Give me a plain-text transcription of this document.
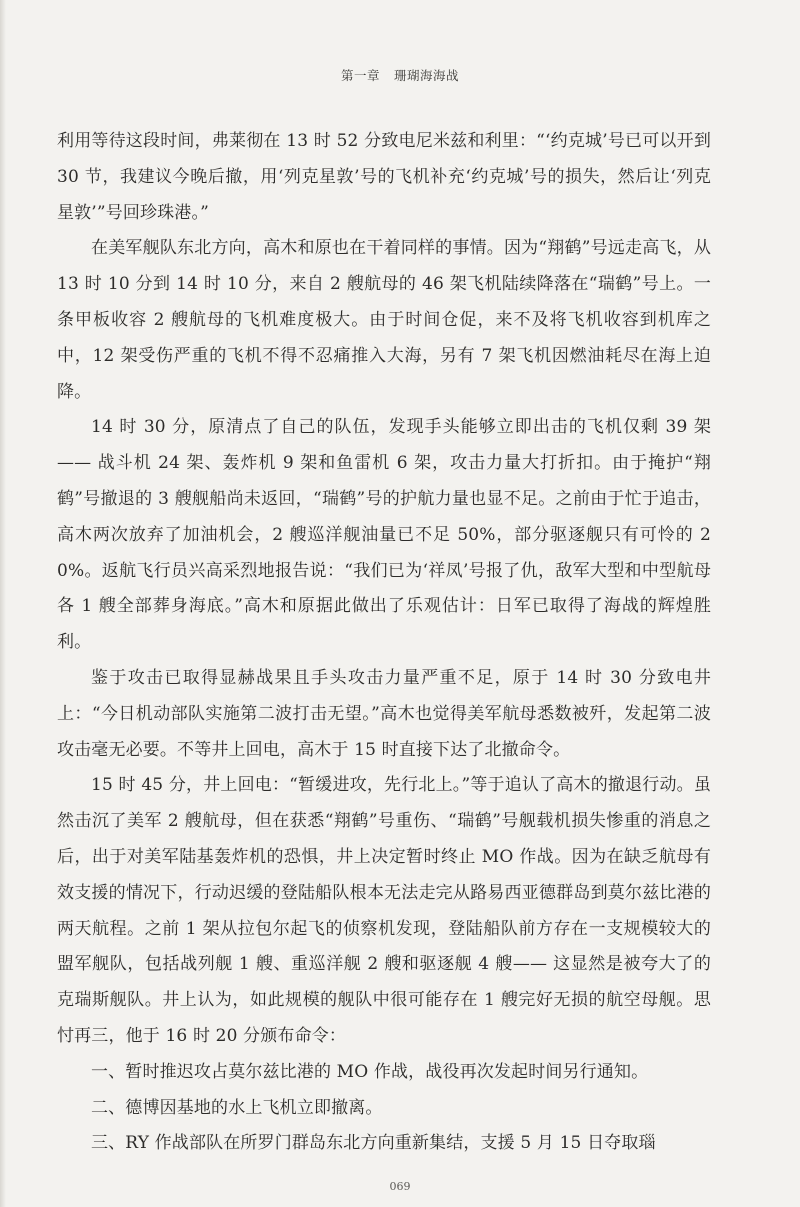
第一章 珊瑚海海战

利用等待这段时间，弗莱彻在 13 时 52 分致电尼米兹和利里：“‘约克城’号已可以开到 30 节，我建议今晚后撤，用‘列克星敦’号的飞机补充‘约克城’号的损失，然后让‘列克星敦’”号回珍珠港。”

在美军舰队东北方向，高木和原也在干着同样的事情。因为“翔鹤”号远走高飞，从 13 时 10 分到 14 时 10 分，来自 2 艘航母的 46 架飞机陆续降落在“瑞鹤”号上。一条甲板收容 2 艘航母的飞机难度极大。由于时间仓促，来不及将飞机收容到机库之中，12 架受伤严重的飞机不得不忍痛推入大海，另有 7 架飞机因燃油耗尽在海上迫降。

14 时 30 分，原清点了自己的队伍，发现手头能够立即出击的飞机仅剩 39 架—— 战斗机 24 架、轰炸机 9 架和鱼雷机 6 架，攻击力量大打折扣。由于掩护“翔鹤”号撤退的 3 艘舰船尚未返回，“瑞鹤”号的护航力量也显不足。之前由于忙于追击，高木两次放弃了加油机会，2 艘巡洋舰油量已不足 50%，部分驱逐舰只有可怜的 20%。返航飞行员兴高采烈地报告说：“我们已为‘祥凤’号报了仇，敌军大型和中型航母各 1 艘全部葬身海底。”高木和原据此做出了乐观估计：日军已取得了海战的辉煌胜利。

鉴于攻击已取得显赫战果且手头攻击力量严重不足，原于 14 时 30 分致电井上：“今日机动部队实施第二波打击无望。”高木也觉得美军航母悉数被歼，发起第二波攻击毫无必要。不等井上回电，高木于 15 时直接下达了北撤命令。

15 时 45 分，井上回电：“暂缓进攻，先行北上。”等于追认了高木的撤退行动。虽然击沉了美军 2 艘航母，但在获悉“翔鹤”号重伤、“瑞鹤”号舰载机损失惨重的消息之后，出于对美军陆基轰炸机的恐惧，井上决定暂时终止 MO 作战。因为在缺乏航母有效支援的情况下，行动迟缓的登陆船队根本无法走完从路易西亚德群岛到莫尔兹比港的两天航程。之前 1 架从拉包尔起飞的侦察机发现，登陆船队前方存在一支规模较大的盟军舰队，包括战列舰 1 艘、重巡洋舰 2 艘和驱逐舰 4 艘—— 这显然是被夸大了的克瑞斯舰队。井上认为，如此规模的舰队中很可能存在 1 艘完好无损的航空母舰。思忖再三，他于 16 时 20 分颁布命令：

一、暂时推迟攻占莫尔兹比港的 MO 作战，战役再次发起时间另行通知。

二、德博因基地的水上飞机立即撤离。

三、RY 作战部队在所罗门群岛东北方向重新集结，支援 5 月 15 日夺取瑙

069
